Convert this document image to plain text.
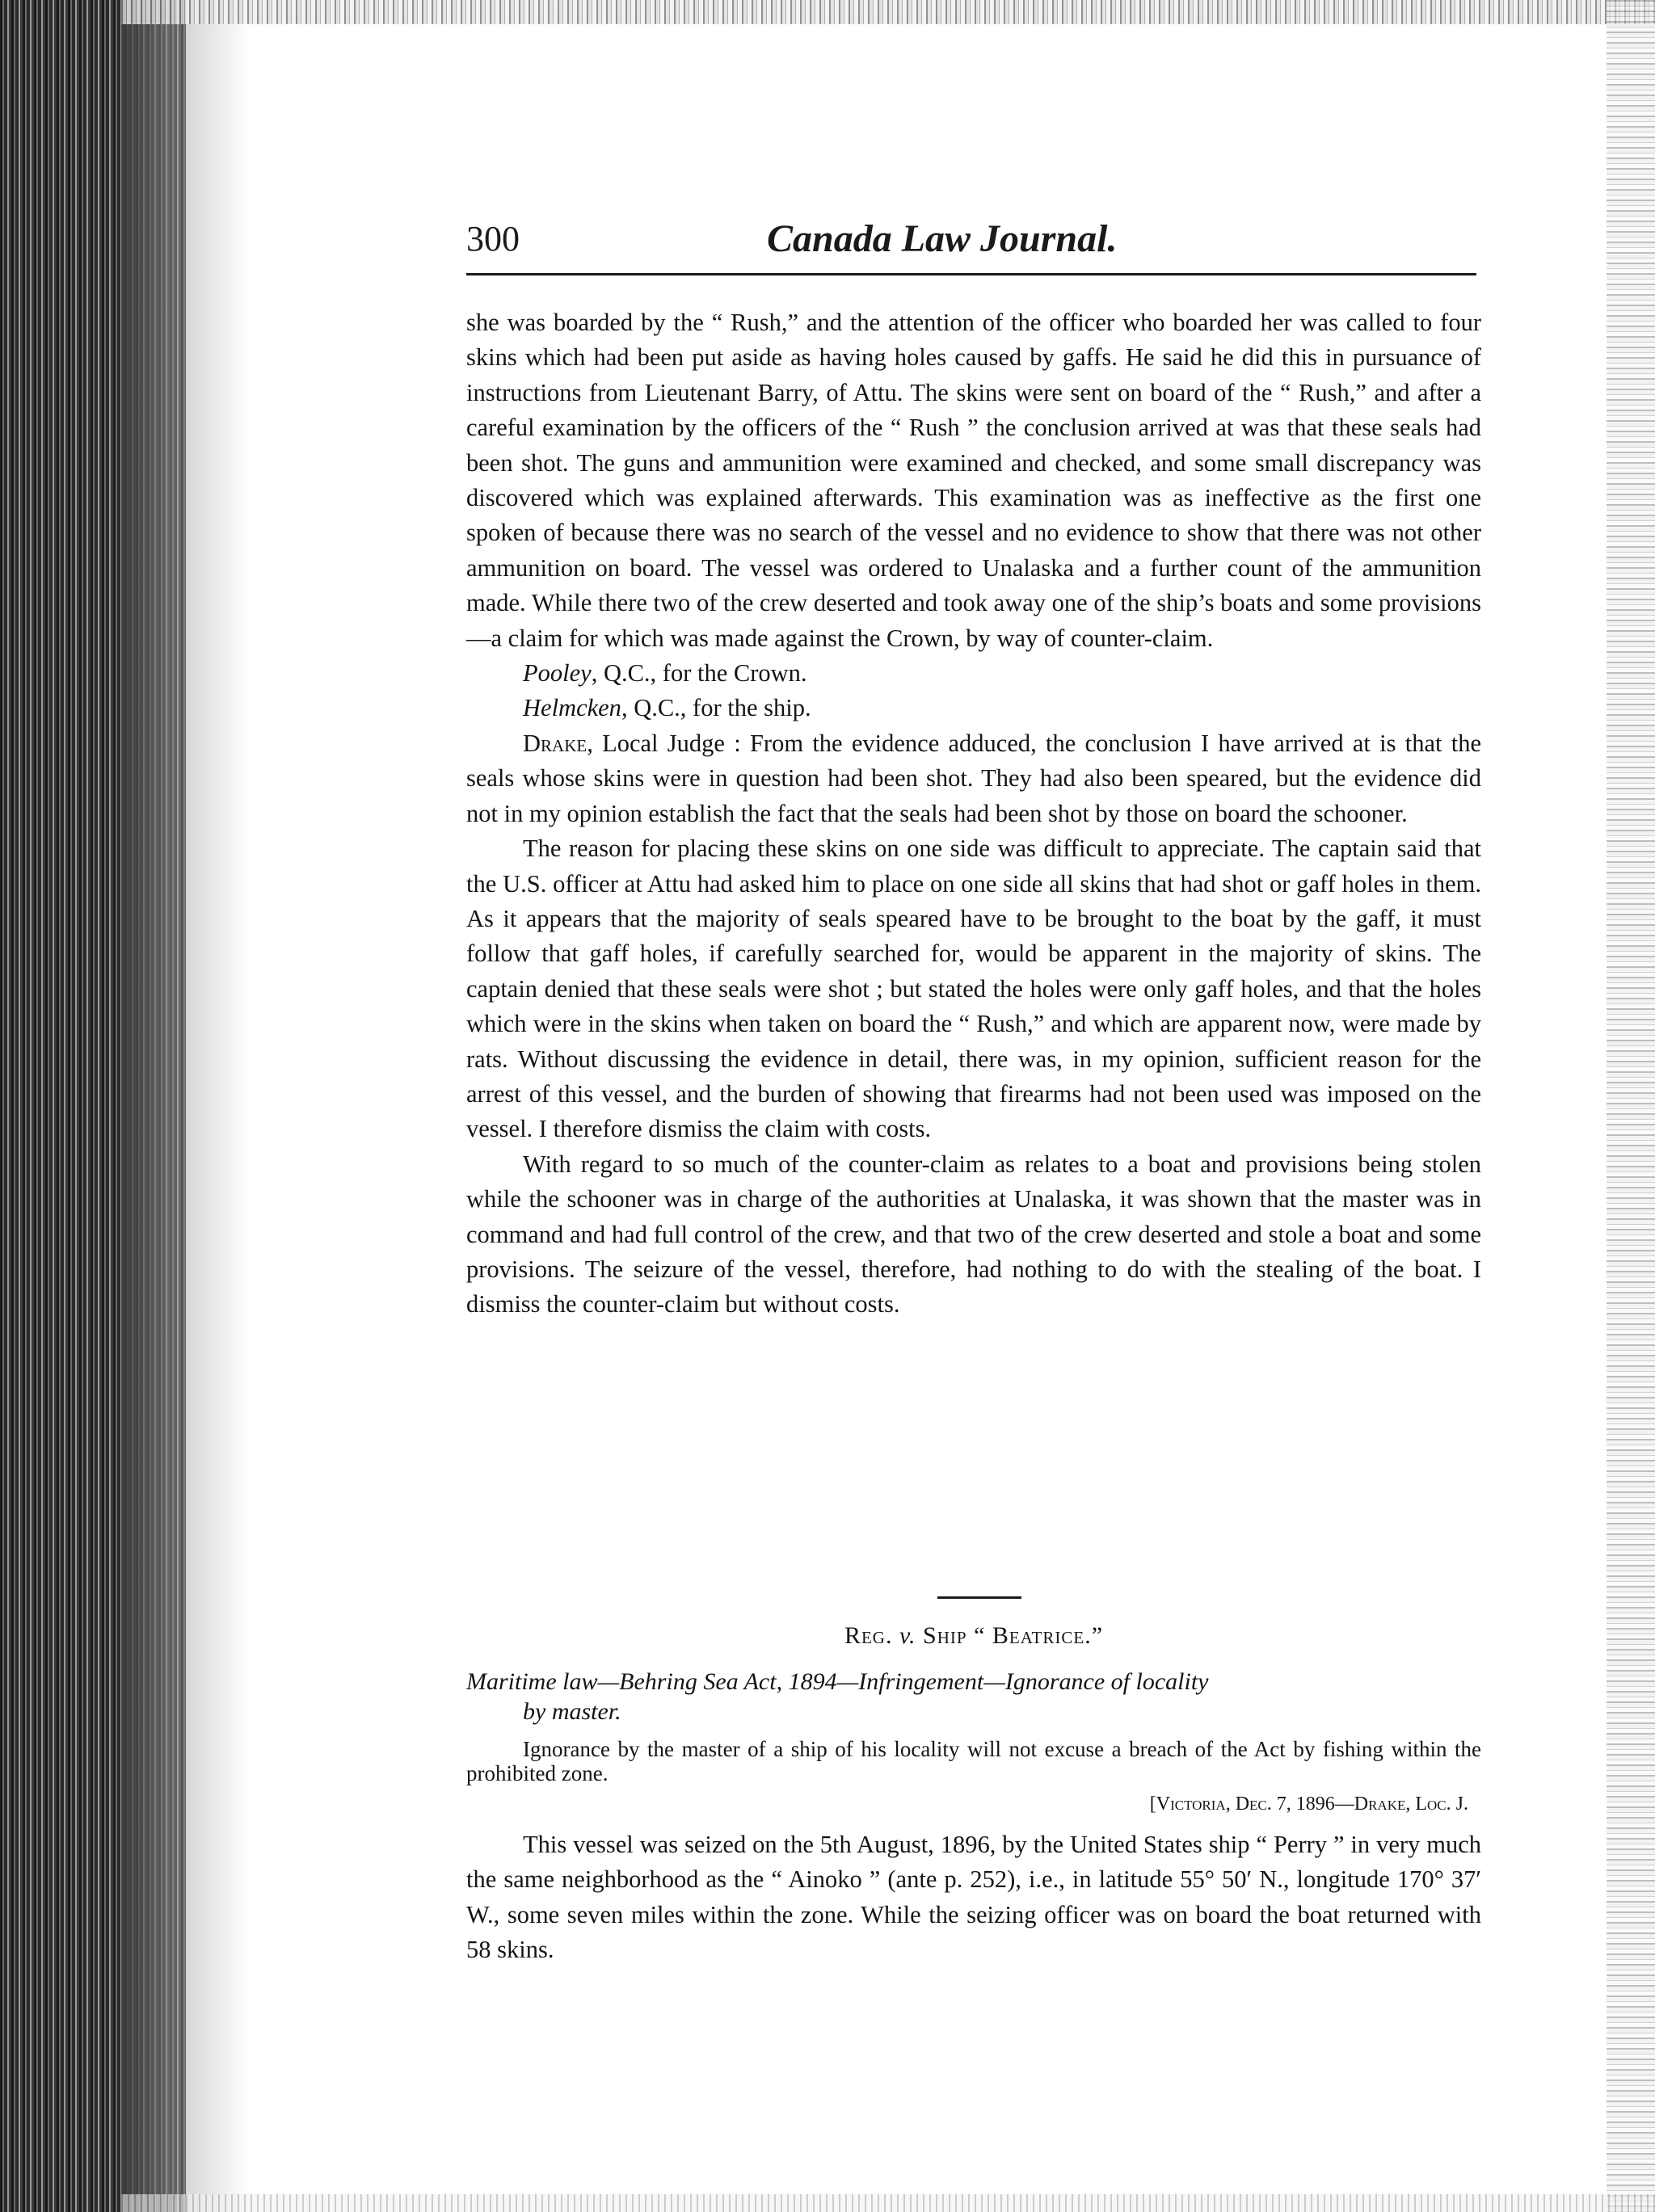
300	Canada Law Journal.

she was boarded by the “ Rush,” and the attention of the officer who boarded her was called to four skins which had been put aside as having holes caused by gaffs. He said he did this in pursuance of instructions from Lieutenant Barry, of Attu. The skins were sent on board of the “ Rush,” and after a careful examination by the officers of the “ Rush ” the conclusion arrived at was that these seals had been shot. The guns and ammunition were examined and checked, and some small discrepancy was discovered which was explained afterwards. This examination was as ineffective as the first one spoken of because there was no search of the vessel and no evidence to show that there was not other ammunition on board. The vessel was ordered to Unalaska and a further count of the ammunition made. While there two of the crew deserted and took away one of the ship’s boats and some provisions—a claim for which was made against the Crown, by way of counter-claim.

Pooley, Q.C., for the Crown.

Helmcken, Q.C., for the ship.

Drake, Local Judge : From the evidence adduced, the conclusion I have arrived at is that the seals whose skins were in question had been shot. They had also been speared, but the evidence did not in my opinion establish the fact that the seals had been shot by those on board the schooner.

The reason for placing these skins on one side was difficult to appreciate. The captain said that the U.S. officer at Attu had asked him to place on one side all skins that had shot or gaff holes in them. As it appears that the majority of seals speared have to be brought to the boat by the gaff, it must follow that gaff holes, if carefully searched for, would be apparent in the majority of skins. The captain denied that these seals were shot ; but stated the holes were only gaff holes, and that the holes which were in the skins when taken on board the “ Rush,” and which are apparent now, were made by rats. Without discussing the evidence in detail, there was, in my opinion, sufficient reason for the arrest of this vessel, and the burden of showing that firearms had not been used was imposed on the vessel. I therefore dismiss the claim with costs.

With regard to so much of the counter-claim as relates to a boat and provisions being stolen while the schooner was in charge of the authorities at Unalaska, it was shown that the master was in command and had full control of the crew, and that two of the crew deserted and stole a boat and some provisions. The seizure of the vessel, therefore, had nothing to do with the stealing of the boat. I dismiss the counter-claim but without costs.

Reg. v. Ship “ Beatrice.”
Maritime law—Behring Sea Act, 1894—Infringement—Ignorance of locality
by master.
Ignorance by the master of a ship of his locality will not excuse a breach of the Act by fishing within the prohibited zone.
[Victoria, Dec. 7, 1896—Drake, Loc. J.

This vessel was seized on the 5th August, 1896, by the United States ship “ Perry ” in very much the same neighborhood as the “ Ainoko ” (ante p. 252), i.e., in latitude 55° 50′ N., longitude 170° 37′ W., some seven miles within the zone. While the seizing officer was on board the boat returned with 58 skins.
